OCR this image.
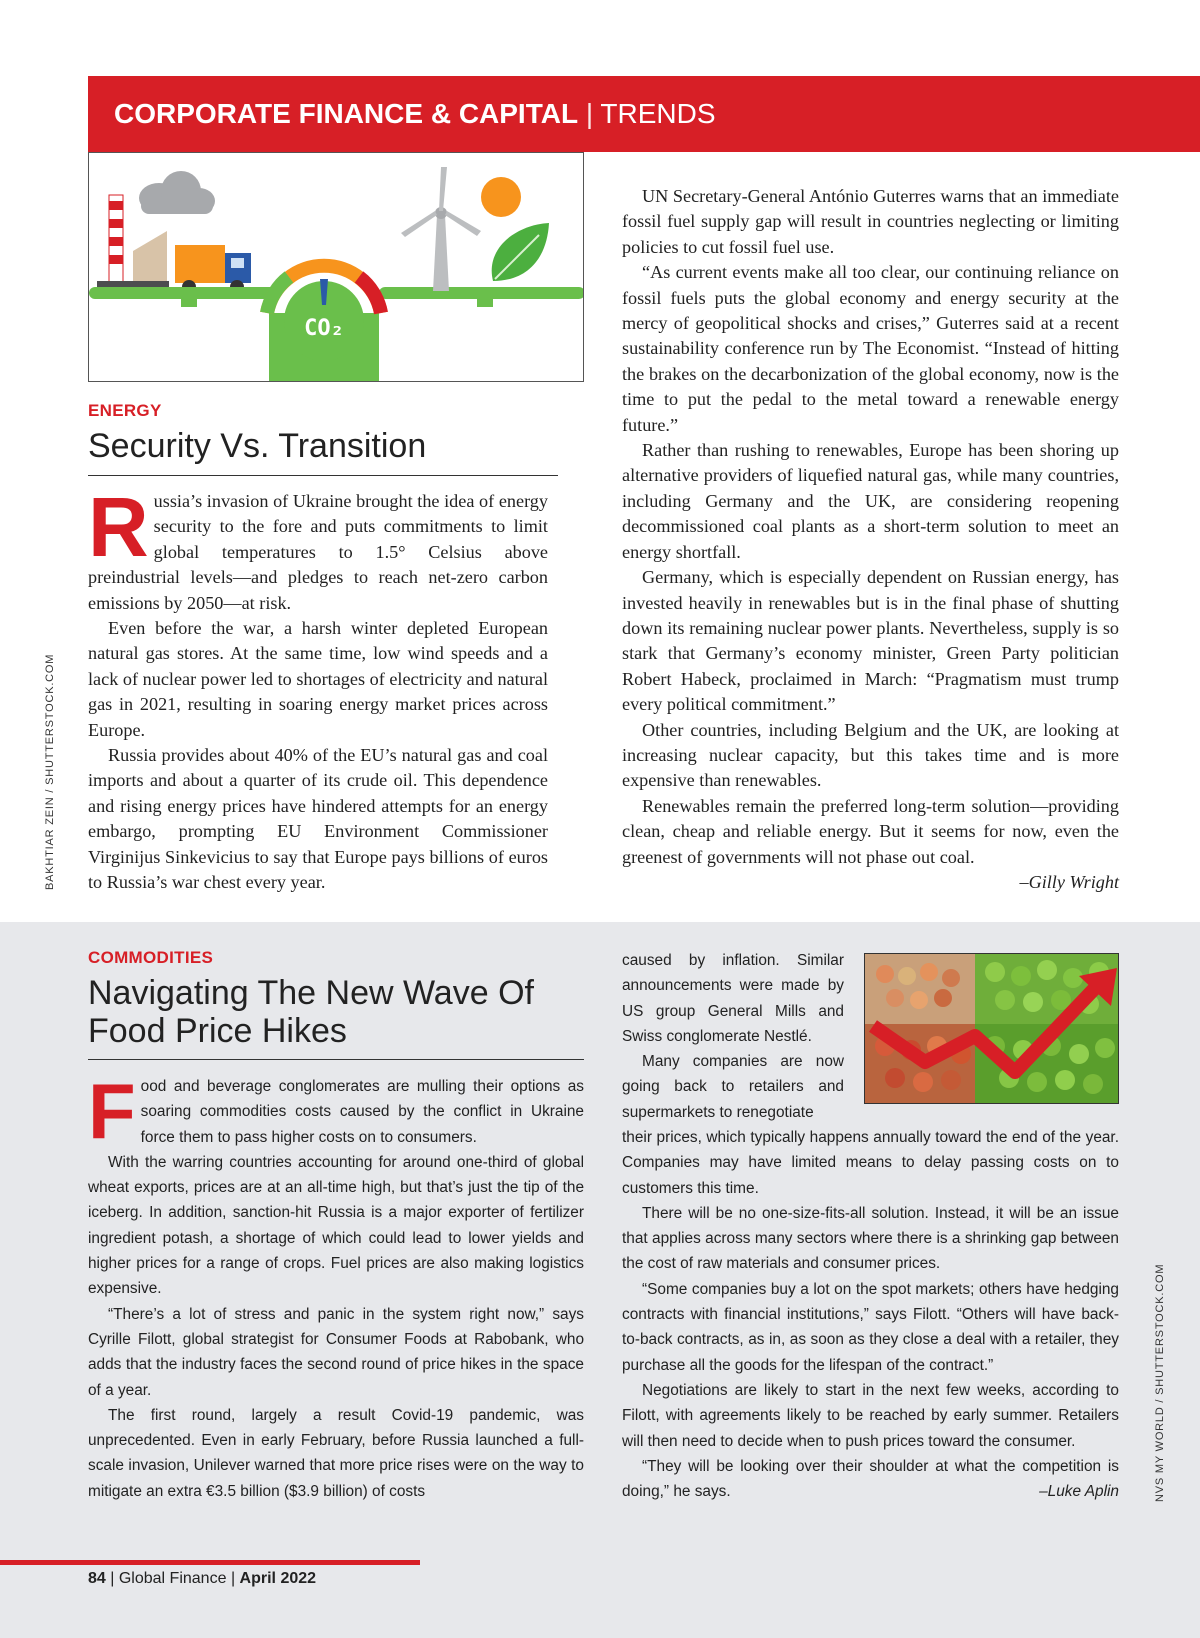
CORPORATE FINANCE & CAPITAL | TRENDS
CO₂
BAKHTIAR ZEIN / SHUTTERSTOCK.COM
ENERGY
Security Vs. Transition

Russia’s invasion of Ukraine brought the idea of energy security to the fore and puts commitments to limit global temperatures to 1.5° Celsius above preindustrial levels—and pledges to reach net-zero carbon emissions by 2050—at risk.

Even before the war, a harsh winter depleted European natural gas stores. At the same time, low wind speeds and a lack of nuclear power led to shortages of electricity and natural gas in 2021, resulting in soaring energy market prices across Europe.

Russia provides about 40% of the EU’s natural gas and coal imports and about a quarter of its crude oil. This dependence and rising energy prices have hindered attempts for an energy embargo, prompting EU Environment Commissioner Virginijus Sinkevicius to say that Europe pays billions of euros to Russia’s war chest every year.

UN Secretary-General António Guterres warns that an immediate fossil fuel supply gap will result in countries neglecting or limiting policies to cut fossil fuel use.

“As current events make all too clear, our continuing reliance on fossil fuels puts the global economy and energy security at the mercy of geopolitical shocks and crises,” Guterres said at a recent sustainability conference run by The Economist. “Instead of hitting the brakes on the decarbonization of the global economy, now is the time to put the pedal to the metal toward a renewable energy future.”

Rather than rushing to renewables, Europe has been shoring up alternative providers of liquefied natural gas, while many countries, including Germany and the UK, are considering reopening decommissioned coal plants as a short-term solution to meet an energy shortfall.

Germany, which is especially dependent on Russian energy, has invested heavily in renewables but is in the final phase of shutting down its remaining nuclear power plants. Nevertheless, supply is so stark that Germany’s economy minister, Green Party politician Robert Habeck, proclaimed in March: “Pragmatism must trump every political commitment.”

Other countries, including Belgium and the UK, are looking at increasing nuclear capacity, but this takes time and is more expensive than renewables.

Renewables remain the preferred long-term solution—providing clean, cheap and reliable energy. But it seems for now, even the greenest of governments will not phase out coal.

–Gilly Wright
COMMODITIES
Navigating The New Wave Of
Food Price Hikes

Food and beverage conglomerates are mulling their options as soaring commodities costs caused by the conflict in Ukraine force them to pass higher costs on to consumers.

With the warring countries accounting for around one-third of global wheat exports, prices are at an all-time high, but that’s just the tip of the iceberg. In addition, sanction-hit Russia is a major exporter of fertilizer ingredient potash, a shortage of which could lead to lower yields and higher prices for a range of crops. Fuel prices are also making logistics expensive.

“There’s a lot of stress and panic in the system right now,” says Cyrille Filott, global strategist for Consumer Foods at Rabobank, who adds that the industry faces the second round of price hikes in the space of a year.

The first round, largely a result Covid-19 pandemic, was unprecedented. Even in early February, before Russia launched a full-scale invasion, Unilever warned that more price rises were on the way to mitigate an extra €3.5 billion ($3.9 billion) of costs

caused by inflation. Similar announcements were made by US group General Mills and Swiss conglomerate Nestlé.

Many companies are now going back to retailers and supermarkets to renegotiate

their prices, which typically happens annually toward the end of the year. Companies may have limited means to delay passing costs on to customers this time.

There will be no one-size-fits-all solution. Instead, it will be an issue that applies across many sectors where there is a shrinking gap between the cost of raw materials and consumer prices.

“Some companies buy a lot on the spot markets; others have hedging contracts with financial institutions,” says Filott. “Others will have back-to-back contracts, as in, as soon as they close a deal with a retailer, they purchase all the goods for the lifespan of the contract.”

Negotiations are likely to start in the next few weeks, according to Filott, with agreements likely to be reached by early summer. Retailers will then need to decide when to push prices toward the consumer.

“They will be looking over their shoulder at what the competition is doing,” he says.	–Luke Aplin	NVS MY WORLD / SHUTTERSTOCK.COM
84 | Global Finance | April 2022
